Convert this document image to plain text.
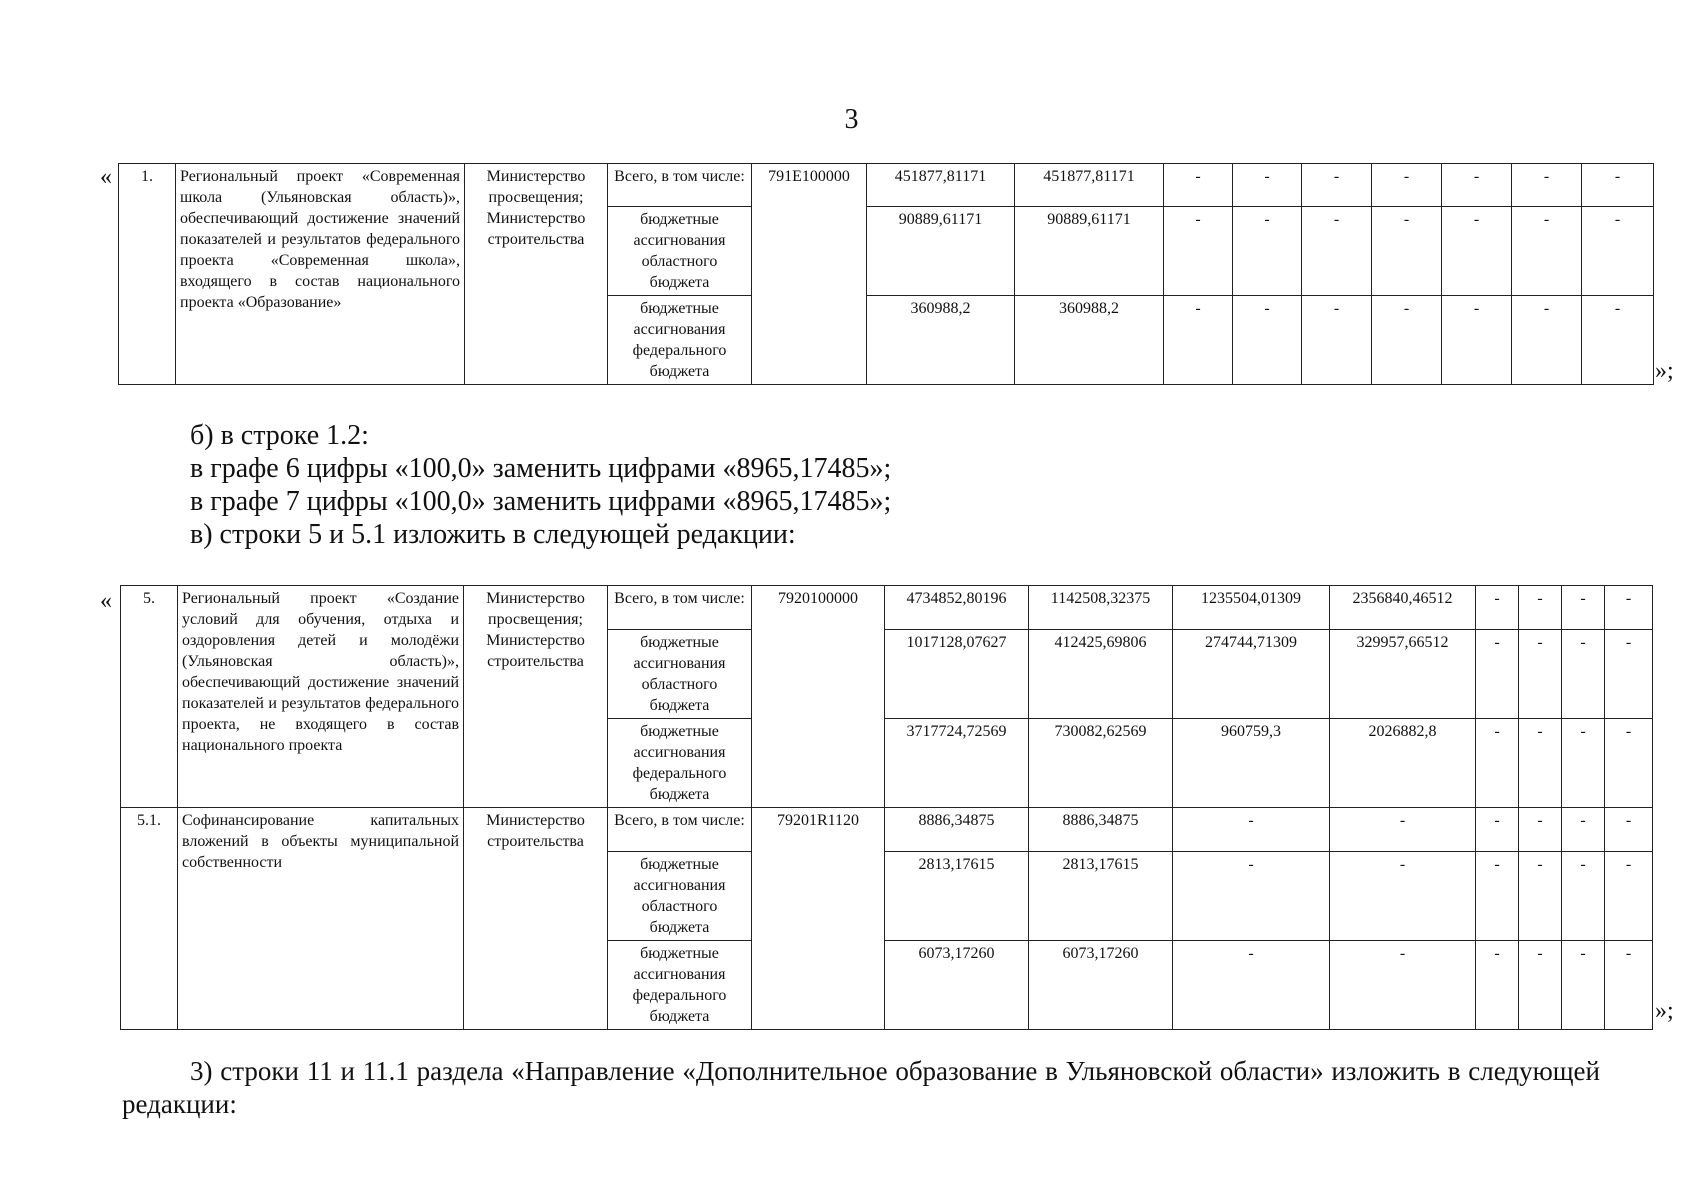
3
« 1.	Региональный проект «Современная школа (Ульяновская область)», обеспечивающий достижение значений показателей и результатов федерального проекта «Современная школа», входящего в состав национального проекта «Образование»	Министерство просвещения; Министерство строительства	Всего, в том числе:	791E100000	451877,81171	451877,81171	-	-	-	-	-	-	-
			бюджетные ассигнования областного бюджета		90889,61171	90889,61171	-	-	-	-	-	-	-
			бюджетные ассигнования федерального бюджета		360988,2	360988,2	-	-	-	-	-	-	-
»;
б) в строке 1.2:
в графе 6 цифры «100,0» заменить цифрами «8965,17485»;
в графе 7 цифры «100,0» заменить цифрами «8965,17485»;
в) строки 5 и 5.1 изложить в следующей редакции:
« 5.	Региональный проект «Создание условий для обучения, отдыха и оздоровления детей и молодёжи (Ульяновская область)», обеспечивающий достижение значений показателей и результатов федерального проекта, не входящего в состав национального проекта	Министерство просвещения; Министерство строительства	Всего, в том числе:	7920100000	4734852,80196	1142508,32375	1235504,01309	2356840,46512	-	-	-	-
			бюджетные ассигнования областного бюджета		1017128,07627	412425,69806	274744,71309	329957,66512	-	-	-	-
			бюджетные ассигнования федерального бюджета		3717724,72569	730082,62569	960759,3	2026882,8	-	-	-	-
5.1.	Софинансирование капитальных вложений в объекты муниципальной собственности	Министерство строительства	Всего, в том числе:	79201R1120	8886,34875	8886,34875	-	-	-	-	-	-
			бюджетные ассигнования областного бюджета		2813,17615	2813,17615	-	-	-	-	-	-
			бюджетные ассигнования федерального бюджета		6073,17260	6073,17260	-	-	-	-	-	-
»;
3) строки 11 и 11.1 раздела «Направление «Дополнительное образование в Ульяновской области» изложить в следующей редакции:
